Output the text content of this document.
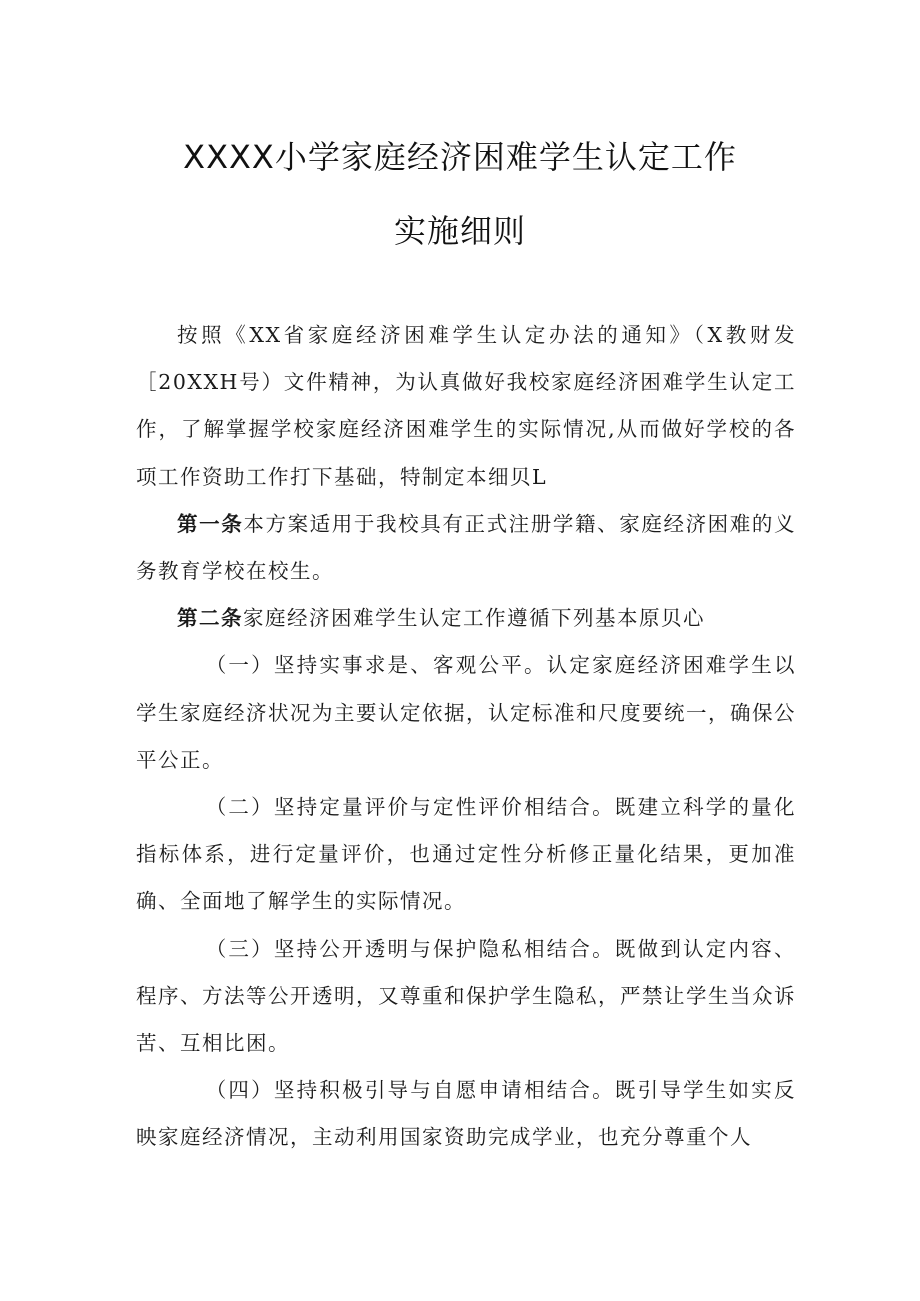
XXXX小学家庭经济困难学生认定工作
实施细则

按照《XX省家庭经济困难学生认定办法的通知》（X教财发［20XXH号）文件精神，为认真做好我校家庭经济困难学生认定工作，了解掌握学校家庭经济困难学生的实际情况,从而做好学校的各项工作资助工作打下基础，特制定本细贝L

第一条本方案适用于我校具有正式注册学籍、家庭经济困难的义务教育学校在校生。

第二条家庭经济困难学生认定工作遵循下列基本原贝心

（一）坚持实事求是、客观公平。认定家庭经济困难学生以学生家庭经济状况为主要认定依据，认定标准和尺度要统一，确保公平公正。

（二）坚持定量评价与定性评价相结合。既建立科学的量化指标体系，进行定量评价，也通过定性分析修正量化结果，更加准确、全面地了解学生的实际情况。

（三）坚持公开透明与保护隐私相结合。既做到认定内容、程序、方法等公开透明，又尊重和保护学生隐私，严禁让学生当众诉苦、互相比困。

（四）坚持积极引导与自愿申请相结合。既引导学生如实反映家庭经济情况，主动利用国家资助完成学业，也充分尊重个人
